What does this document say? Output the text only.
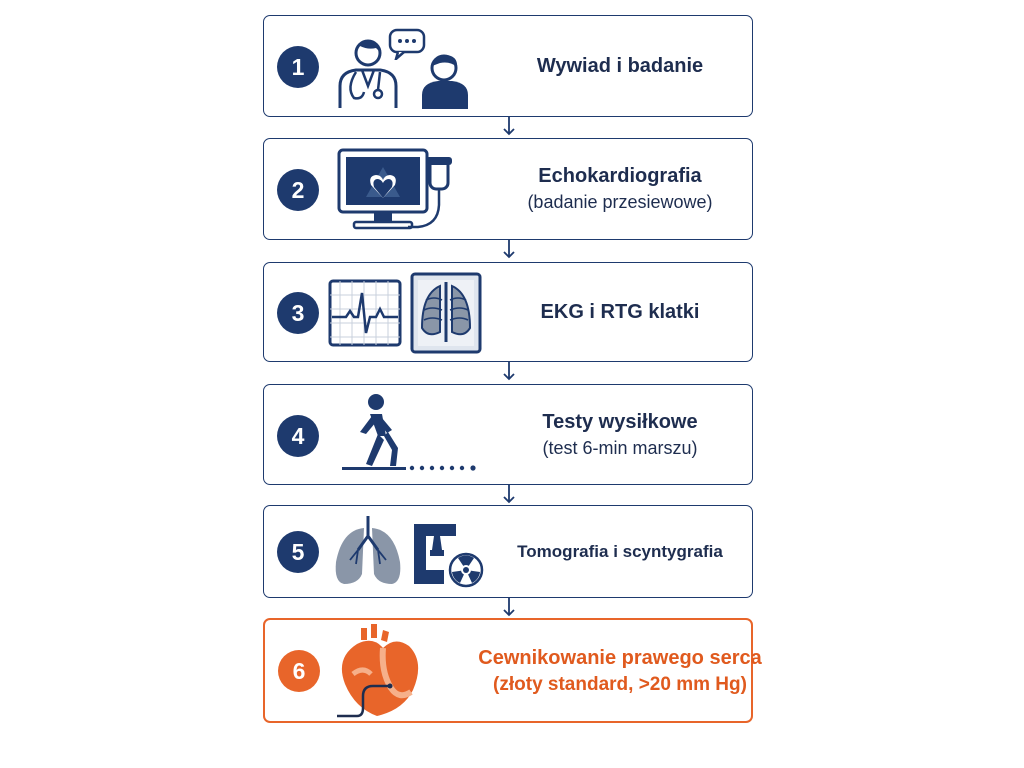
1	Wywiad i badanie
2
Echokardiografia
(badanie przesiewowe)
3	EKG i RTG klatki
4
Testy wysiłkowe
(test 6-min marszu)
5	Tomografia i scyntygrafia
6	Cewnikowanie prawego serca
(złoty standard, >20 mm Hg)
